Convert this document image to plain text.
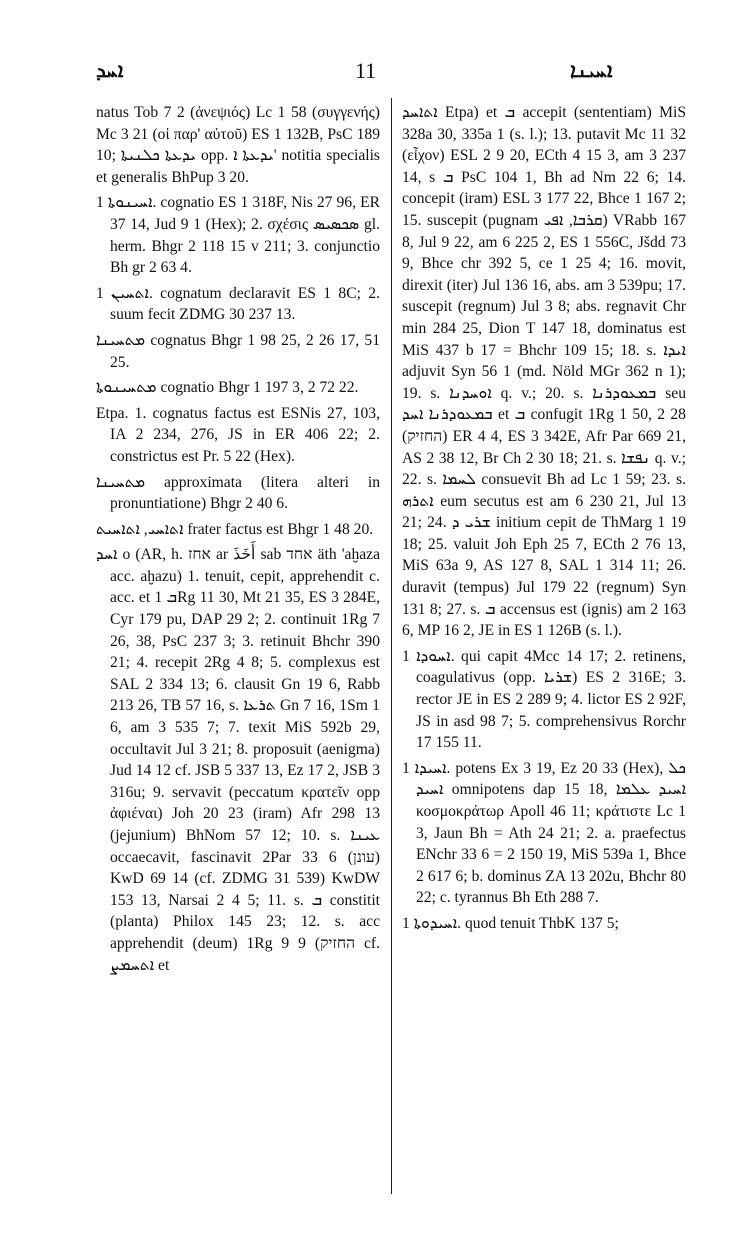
ܐܚܕ	11	ܐܚܝܢܐ

natus Tob 7 2 (ἀνεψιός) Lc 1 58 (συγγενής) Mc 3 21 (οἱ παρ' αὐτοῦ) ES 1 132B, PsC 189 10; ܝܕܥܬܐ ܟܠܢܝܬܐ opp. ܝܕܥܬܐ ܐ' notitia specialis et generalis BhPup 3 20.

ܐܚܝܢܘܬܐ 1. cognatio ES 1 318F, Nis 27 96, ER 37 14, Jud 9 1 (Hex); 2. σχέσις ܣܟܣܝܣ gl. herm. Bhgr 2 118 15 v 211; 3. conjunctio Bh gr 2 63 4.

ܐܬܚܝܢ 1. cognatum declaravit ES 1 8C; 2. suum fecit ZDMG 30 237 13.

ܡܬܚܝܢܐ cognatus Bhgr 1 98 25, 2 26 17, 51 25.

ܡܬܚܝܢܘܬܐ cognatio Bhgr 1 197 3, 2 72 22.

Etpa. 1. cognatus factus est ESNis 27, 103, IA 2 234, 276, JS in ER 406 22; 2. constrictus est Pr. 5 22 (Hex).

ܡܬܚܝܢܐ approximata (litera alteri in pronuntiatione) Bhgr 2 40 6.

ܐܬܐܚܝ, ܐܬܐܚܝܬ frater factus est Bhgr 1 48 20.

ܐܚܕ o (AR, h. אחז ar أَخَذَ sab אחד äth 'aḫaza acc. aḫazu) 1. tenuit, cepit, apprehendit c. acc. et ܒ 1Rg 11 30, Mt 21 35, ES 3 284E, Cyr 179 pu, DAP 29 2; 2. continuit 1Rg 7 26, 38, PsC 237 3; 3. retinuit Bhchr 390 21; 4. recepit 2Rg 4 8; 5. complexus est SAL 2 334 13; 6. clausit Gn 19 6, Rabb 213 26, TB 57 16, s. ܬܪܥܐ Gn 7 16, 1Sm 1 6, am 3 535 7; 7. texit MiS 592b 29, occultavit Jul 3 21; 8. proposuit (aenigma) Jud 14 12 cf. JSB 5 337 13, Ez 17 2, JSB 3 316u; 9. servavit (peccatum κρατεῖν opp ἀφιέναι) Joh 20 23 (iram) Afr 298 13 (jejunium) BhNom 57 12; 10. s. ܥܝܢܐ occaecavit, fascinavit 2Par 33 6 (עונן) KwD 69 14 (cf. ZDMG 31 539) KwDW 153 13, Narsai 2 4 5; 11. s. ܒ constitit (planta) Philox 145 23; 12. s. acc apprehendit (deum) 1Rg 9 9 (החזיק cf. ܐܬܚܡܨ et

ܐܬܐܚܕ Etpa) et ܒ accepit (sententiam) MiS 328a 30, 335a 1 (s. l.); 13. putavit Mc 11 32 (εἶχον) ESL 2 9 20, ECth 4 15 3, am 3 237 14, s ܒ PsC 104 1, Bh ad Nm 22 6; 14. concepit (iram) ESL 3 177 22, Bhce 1 167 2; 15. suscepit (pugnam ܩܪܒܐ, ܐܦܝ) VRabb 167 8, Jul 9 22, am 6 225 2, ES 1 556C, Jšdd 73 9, Bhce chr 392 5, ce 1 25 4; 16. movit, direxit (iter) Jul 136 16, abs. am 3 539pu; 17. suscepit (regnum) Jul 3 8; abs. regnavit Chr min 284 25, Dion T 147 18, dominatus est MiS 437 b 17 = Bhchr 109 15; 18. s. ܐܝܕܐ adjuvit Syn 56 1 (md. Nöld MGr 362 n 1); 19. s. ܐܘܚܕܢܐ q. v.; 20. s. ܒܡܥܘܕܪܢܐ seu ܒܡܥܘܕܪܢܐ ܐܚܕ et ܒ confugit 1Rg 1 50, 2 28 (החזיק) ER 4 4, ES 3 342E, Afr Par 669 21, AS 2 38 12, Br Ch 2 30 18; 21. s. ܢܦܫܐ q. v.; 22. s. ܠܚܡܐ consuevit Bh ad Lc 1 59; 23. s. ܐܬܪܗ eum secutus est am 6 230 21, Jul 13 21; 24. ܫܪܝ ܕ initium cepit de ThMarg 1 19 18; 25. valuit Joh Eph 25 7, ECth 2 76 13, MiS 63a 9, AS 127 8, SAL 1 314 11; 26. duravit (tempus) Jul 179 22 (regnum) Syn 131 8; 27. s. ܒ accensus est (ignis) am 2 163 6, MP 16 2, JE in ES 1 126B (s. l.).

ܐܚܘܕܐ 1. qui capit 4Mcc 14 17; 2. retinens, coagulativus (opp. ܫܪܝܐ) ES 2 316E; 3. rector JE in ES 2 289 9; 4. lictor ES 2 92F, JS in asd 98 7; 5. comprehensivus Rorchr 17 155 11.

ܐܚܝܕܐ 1. potens Ex 3 19, Ez 20 33 (Hex), ܟܠ ܐܚܝܕ omnipotens dap 15 18, ܐܚܝܕ ܥܠܡܐ κοσμοκράτωρ Apoll 46 11; κράτιστε Lc 1 3, Jaun Bh = Ath 24 21; 2. a. praefectus ENchr 33 6 = 2 150 19, MiS 539a 1, Bhce 2 617 6; b. dominus ZA 13 202u, Bhchr 80 22; c. tyrannus Bh Eth 288 7.

ܐܚܝܕܘܬܐ 1. quod tenuit ThbK 137 5;
